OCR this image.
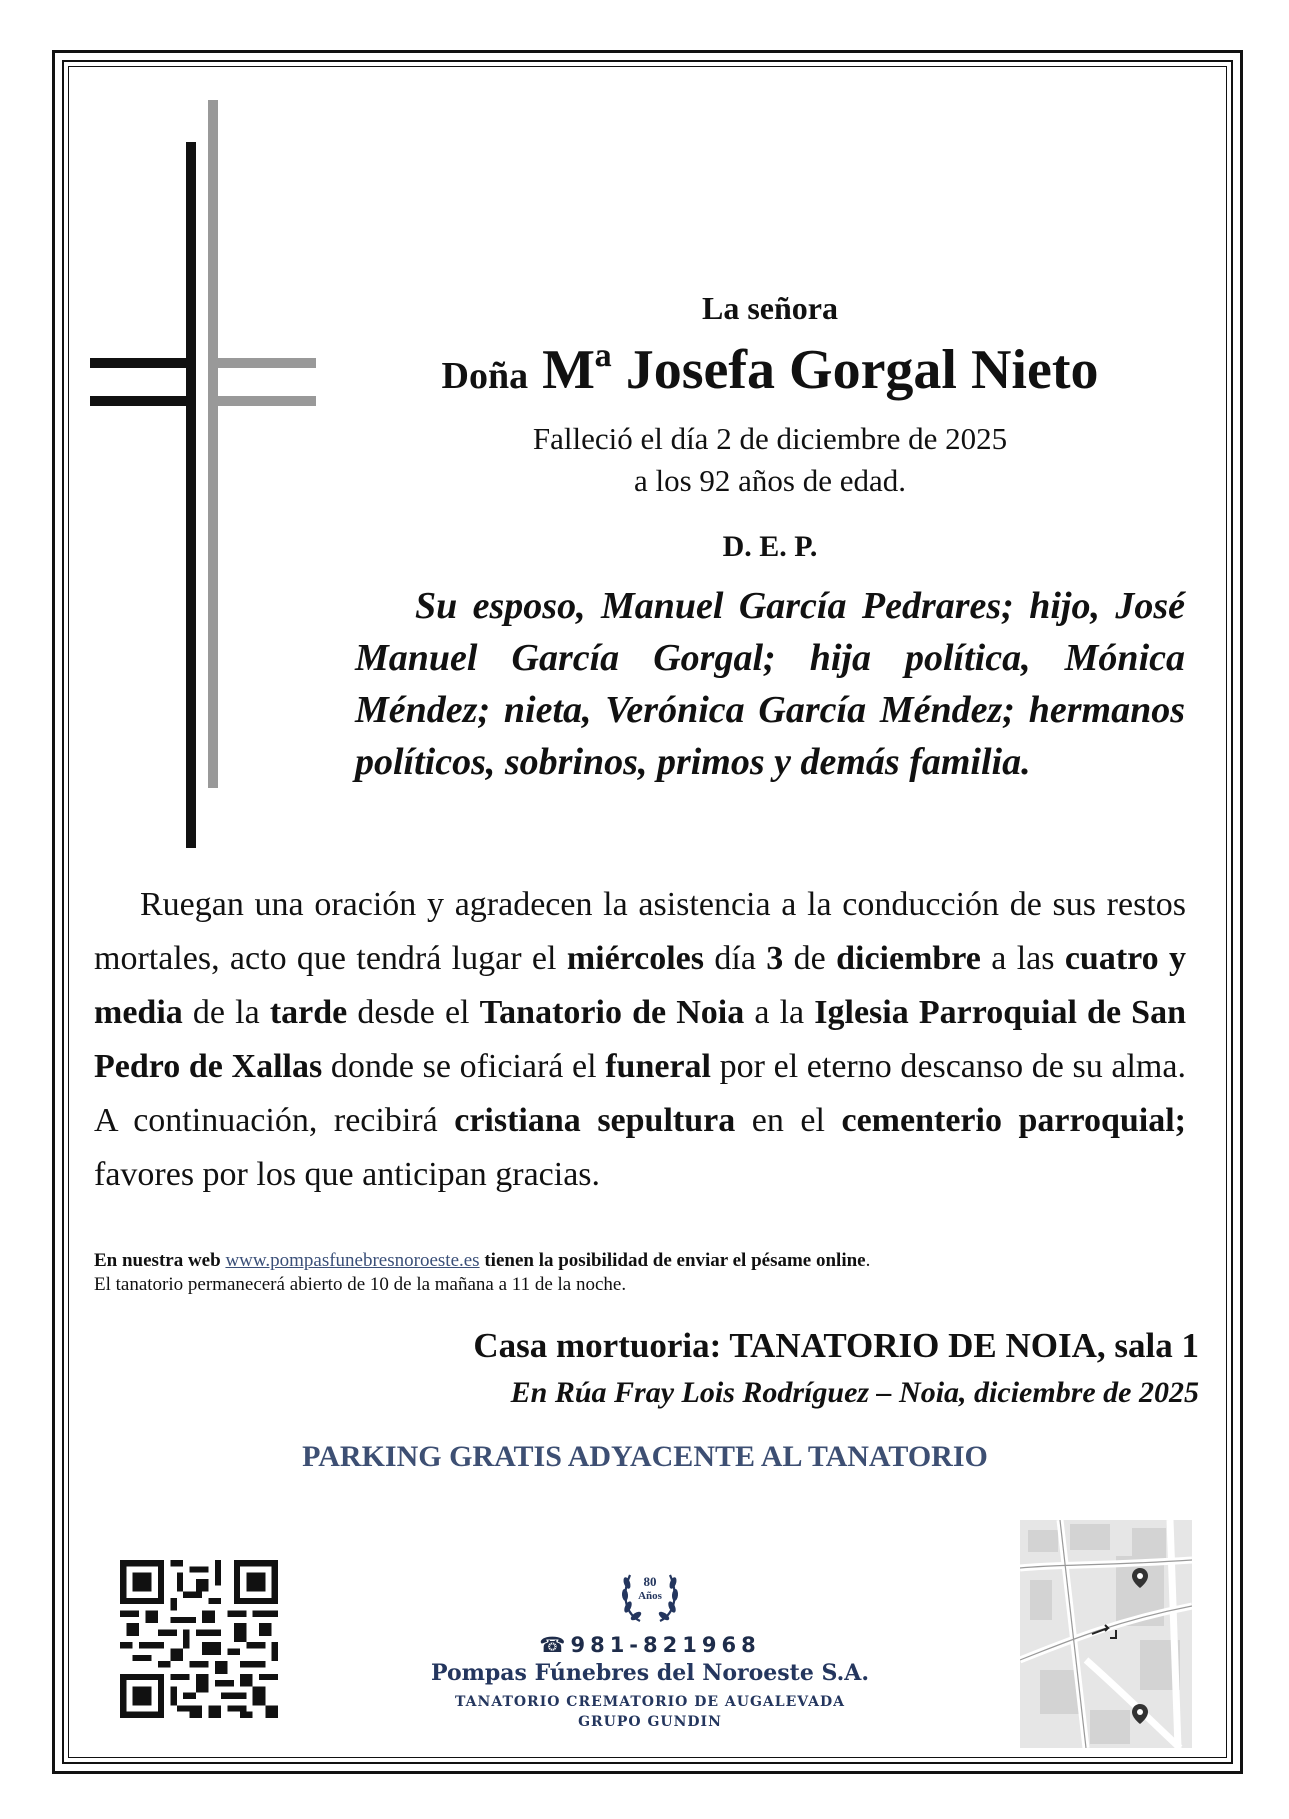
La señora
Doña Mª Josefa Gorgal Nieto
Falleció el día 2 de diciembre de 2025
a los 92 años de edad.
D. E. P.
Su esposo, Manuel García Pedrares; hijo, José Manuel García Gorgal; hija política, Mónica Méndez; nieta, Verónica García Méndez; hermanos políticos, sobrinos, primos y demás familia.
Ruegan una oración y agradecen la asistencia a la conducción de sus restos mortales, acto que tendrá lugar el miércoles día 3 de diciembre a las cuatro y media de la tarde desde el Tanatorio de Noia a la Iglesia Parroquial de San Pedro de Xallas donde se oficiará el funeral por el eterno descanso de su alma. A continuación, recibirá cristiana sepultura en el cementerio parroquial; favores por los que anticipan gracias.
En nuestra web www.pompasfunebresnoroeste.es tienen la posibilidad de enviar el pésame online.
El tanatorio permanecerá abierto de 10 de la mañana a 11 de la noche.
Casa mortuoria: TANATORIO DE NOIA, sala 1
En Rúa Fray Lois Rodríguez – Noia, diciembre de 2025
PARKING GRATIS ADYACENTE AL TANATORIO
80
Años
☎981-821968
Pompas Fúnebres del Noroeste S.A.
TANATORIO CREMATORIO DE AUGALEVADA
GRUPO GUNDIN
